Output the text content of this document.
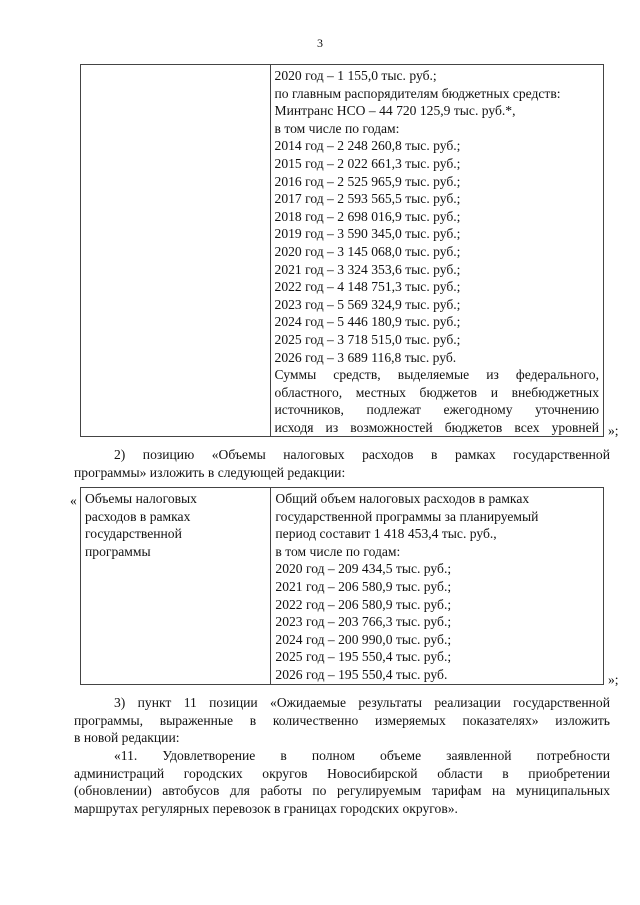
3

2020 год – 1 155,0 тыс. руб.;
по главным распорядителям бюджетных средств:
Минтранс НСО – 44 720 125,9 тыс. руб.*,
в том числе по годам:
2014 год – 2 248 260,8 тыс. руб.;
2015 год – 2 022 661,3 тыс. руб.;
2016 год – 2 525 965,9 тыс. руб.;
2017 год – 2 593 565,5 тыс. руб.;
2018 год – 2 698 016,9 тыс. руб.;
2019 год – 3 590 345,0 тыс. руб.;
2020 год – 3 145 068,0 тыс. руб.;
2021 год – 3 324 353,6 тыс. руб.;
2022 год – 4 148 751,3 тыс. руб.;
2023 год – 5 569 324,9 тыс. руб.;
2024 год – 5 446 180,9 тыс. руб.;
2025 год – 3 718 515,0 тыс. руб.;
2026 год – 3 689 116,8 тыс. руб.
Суммы средств, выделяемые из федерального,
областного, местных бюджетов и внебюджетных
источников, подлежат ежегодному уточнению
исходя из возможностей бюджетов всех уровней »;
2) позицию «Объемы налоговых расходов в рамках государственной
программы» изложить в следующей редакции:
« Объемы налоговых
расходов в рамках
государственной
программы

Общий объем налоговых расходов в рамках
государственной программы за планируемый
период составит 1 418 453,4 тыс. руб.,
в том числе по годам:
2020 год – 209 434,5 тыс. руб.;
2021 год – 206 580,9 тыс. руб.;
2022 год – 206 580,9 тыс. руб.;
2023 год – 203 766,3 тыс. руб.;
2024 год – 200 990,0 тыс. руб.;
2025 год – 195 550,4 тыс. руб.;
2026 год – 195 550,4 тыс. руб.	»;
3) пункт 11 позиции «Ожидаемые результаты реализации государственной
программы, выраженные в количественно измеряемых показателях» изложить
в новой редакции:
«11. Удовлетворение в полном объеме заявленной потребности
администраций городских округов Новосибирской области в приобретении
(обновлении) автобусов для работы по регулируемым тарифам на муниципальных
маршрутах регулярных перевозок в границах городских округов».
